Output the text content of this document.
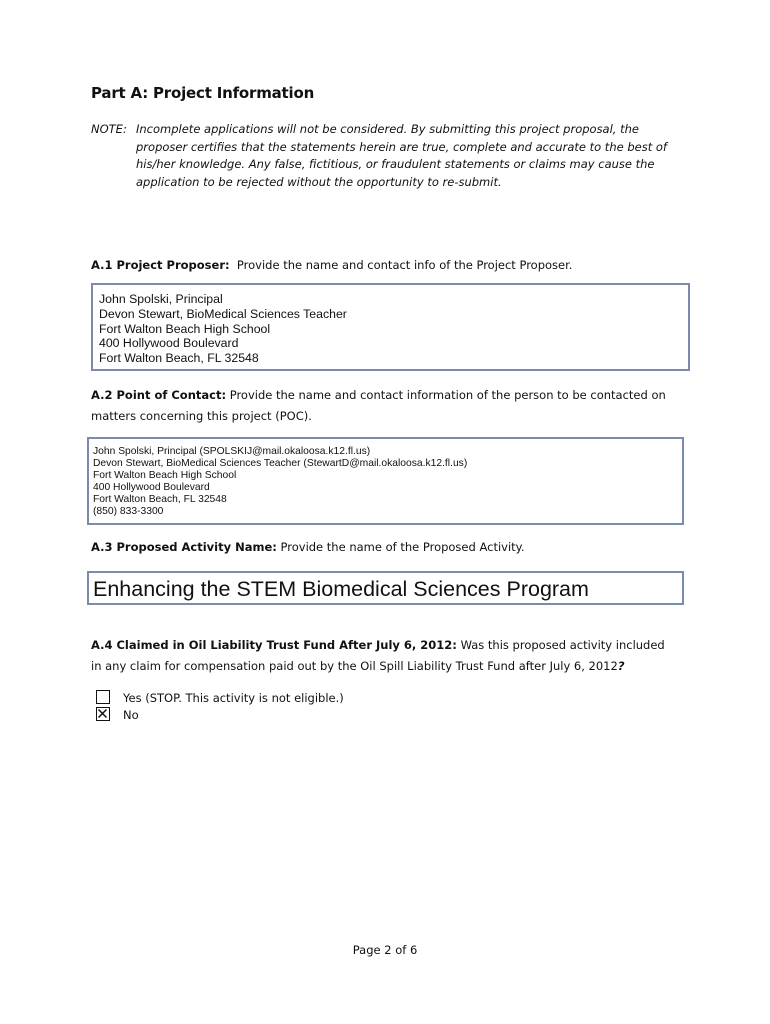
Part A: Project Information
NOTE: Incomplete applications will not be considered. By submitting this project proposal, the proposer certifies that the statements herein are true, complete and accurate to the best of his/her knowledge. Any false, fictitious, or fraudulent statements or claims may cause the application to be rejected without the opportunity to re-submit.
A.1 Project Proposer: Provide the name and contact info of the Project Proposer.
John Spolski, Principal
Devon Stewart, BioMedical Sciences Teacher
Fort Walton Beach High School
400 Hollywood Boulevard
Fort Walton Beach, FL 32548
A.2 Point of Contact: Provide the name and contact information of the person to be contacted on matters concerning this project (POC).
John Spolski, Principal (SPOLSKIJ@mail.okaloosa.k12.fl.us)
Devon Stewart, BioMedical Sciences Teacher (StewartD@mail.okaloosa.k12.fl.us)
Fort Walton Beach High School
400 Hollywood Boulevard
Fort Walton Beach, FL 32548
(850) 833-3300
A.3 Proposed Activity Name: Provide the name of the Proposed Activity.
Enhancing the STEM Biomedical Sciences Program
A.4 Claimed in Oil Liability Trust Fund After July 6, 2012: Was this proposed activity included in any claim for compensation paid out by the Oil Spill Liability Trust Fund after July 6, 2012?
Yes (STOP. This activity is not eligible.)
No
Page 2 of 6
